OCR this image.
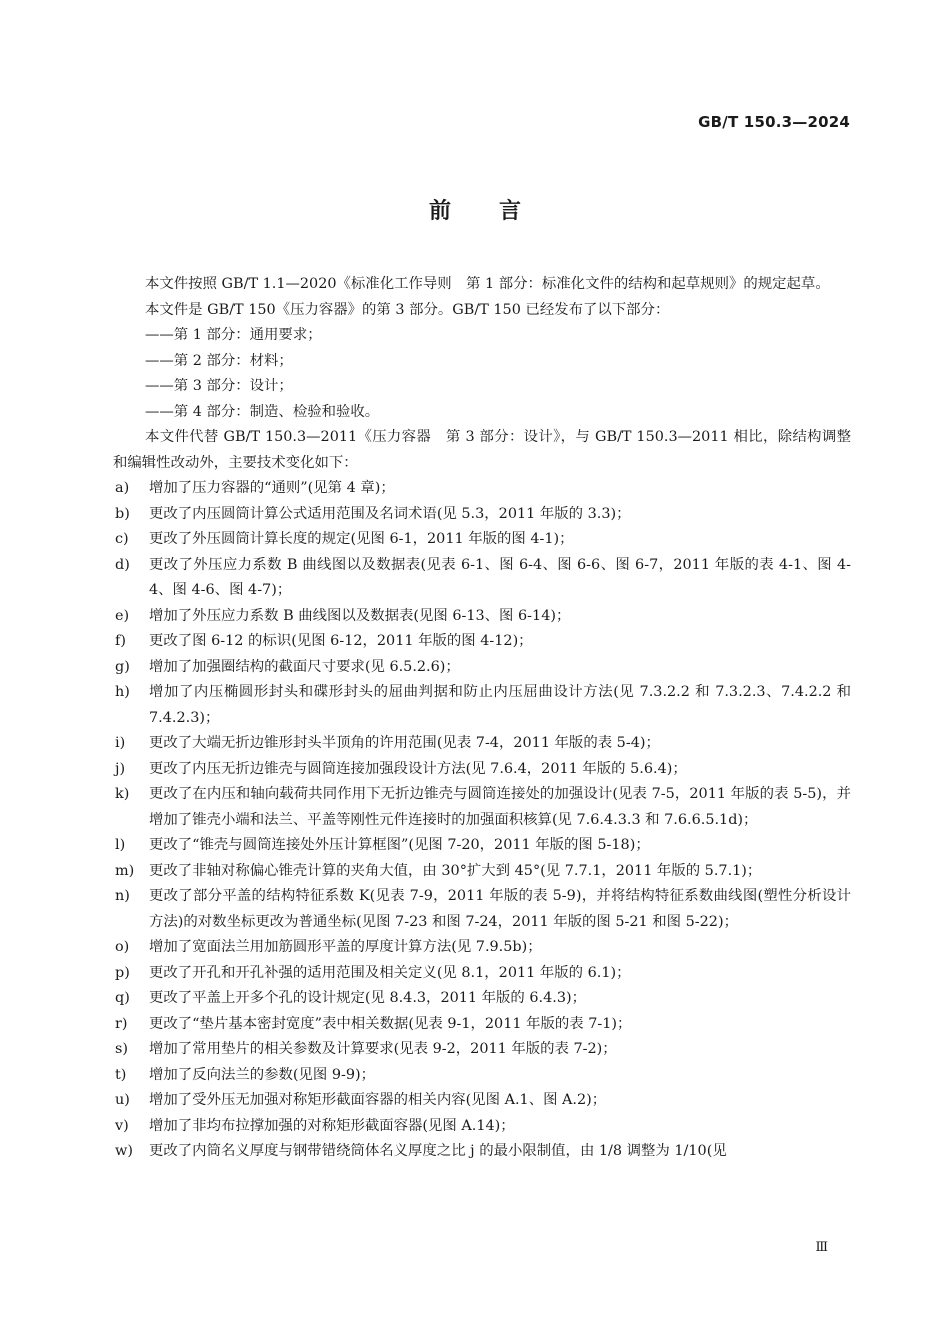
GB/T 150.3—2024
前言

本文件按照 GB/T 1.1—2020《标准化工作导则　第 1 部分：标准化文件的结构和起草规则》的规定起草。

本文件是 GB/T 150《压力容器》的第 3 部分。GB/T 150 已经发布了以下部分：

——第 1 部分：通用要求；

——第 2 部分：材料；

——第 3 部分：设计；

——第 4 部分：制造、检验和验收。

本文件代替 GB/T 150.3—2011《压力容器　第 3 部分：设计》，与 GB/T 150.3—2011 相比，除结构调整和编辑性改动外，主要技术变化如下：

a)	增加了压力容器的“通则”(见第 4 章)；
b)	更改了内压圆筒计算公式适用范围及名词术语(见 5.3，2011 年版的 3.3)；
c)	更改了外压圆筒计算长度的规定(见图 6-1，2011 年版的图 4-1)；
d)	更改了外压应力系数 B 曲线图以及数据表(见表 6-1、图 6-4、图 6-6、图 6-7，2011 年版的表 4-1、图 4-4、图 4-6、图 4-7)；
e)	增加了外压应力系数 B 曲线图以及数据表(见图 6-13、图 6-14)；
f)	更改了图 6-12 的标识(见图 6-12，2011 年版的图 4-12)；
g)	增加了加强圈结构的截面尺寸要求(见 6.5.2.6)；
h)	增加了内压椭圆形封头和碟形封头的屈曲判据和防止内压屈曲设计方法(见 7.3.2.2 和 7.3.2.3、7.4.2.2 和 7.4.2.3)；
i)	更改了大端无折边锥形封头半顶角的许用范围(见表 7-4，2011 年版的表 5-4)；
j)	更改了内压无折边锥壳与圆筒连接加强段设计方法(见 7.6.4，2011 年版的 5.6.4)；
k)	更改了在内压和轴向载荷共同作用下无折边锥壳与圆筒连接处的加强设计(见表 7-5，2011 年版的表 5-5)，并增加了锥壳小端和法兰、平盖等刚性元件连接时的加强面积核算(见 7.6.4.3.3 和 7.6.6.5.1d)；
l)	更改了“锥壳与圆筒连接处外压计算框图”(见图 7-20，2011 年版的图 5-18)；
m)	更改了非轴对称偏心锥壳计算的夹角大值，由 30°扩大到 45°(见 7.7.1，2011 年版的 5.7.1)；
n)	更改了部分平盖的结构特征系数 K(见表 7-9，2011 年版的表 5-9)，并将结构特征系数曲线图(塑性分析设计方法)的对数坐标更改为普通坐标(见图 7-23 和图 7-24，2011 年版的图 5-21 和图 5-22)；
o)	增加了宽面法兰用加筋圆形平盖的厚度计算方法(见 7.9.5b)；
p)	更改了开孔和开孔补强的适用范围及相关定义(见 8.1，2011 年版的 6.1)；
q)	更改了平盖上开多个孔的设计规定(见 8.4.3，2011 年版的 6.4.3)；
r)	更改了“垫片基本密封宽度”表中相关数据(见表 9-1，2011 年版的表 7-1)；
s)	增加了常用垫片的相关参数及计算要求(见表 9-2，2011 年版的表 7-2)；
t)	增加了反向法兰的参数(见图 9-9)；
u)	增加了受外压无加强对称矩形截面容器的相关内容(见图 A.1、图 A.2)；
v)	增加了非均布拉撑加强的对称矩形截面容器(见图 A.14)；
w)	更改了内筒名义厚度与钢带错绕筒体名义厚度之比 j 的最小限制值，由 1/8 调整为 1/10(见
Ⅲ
